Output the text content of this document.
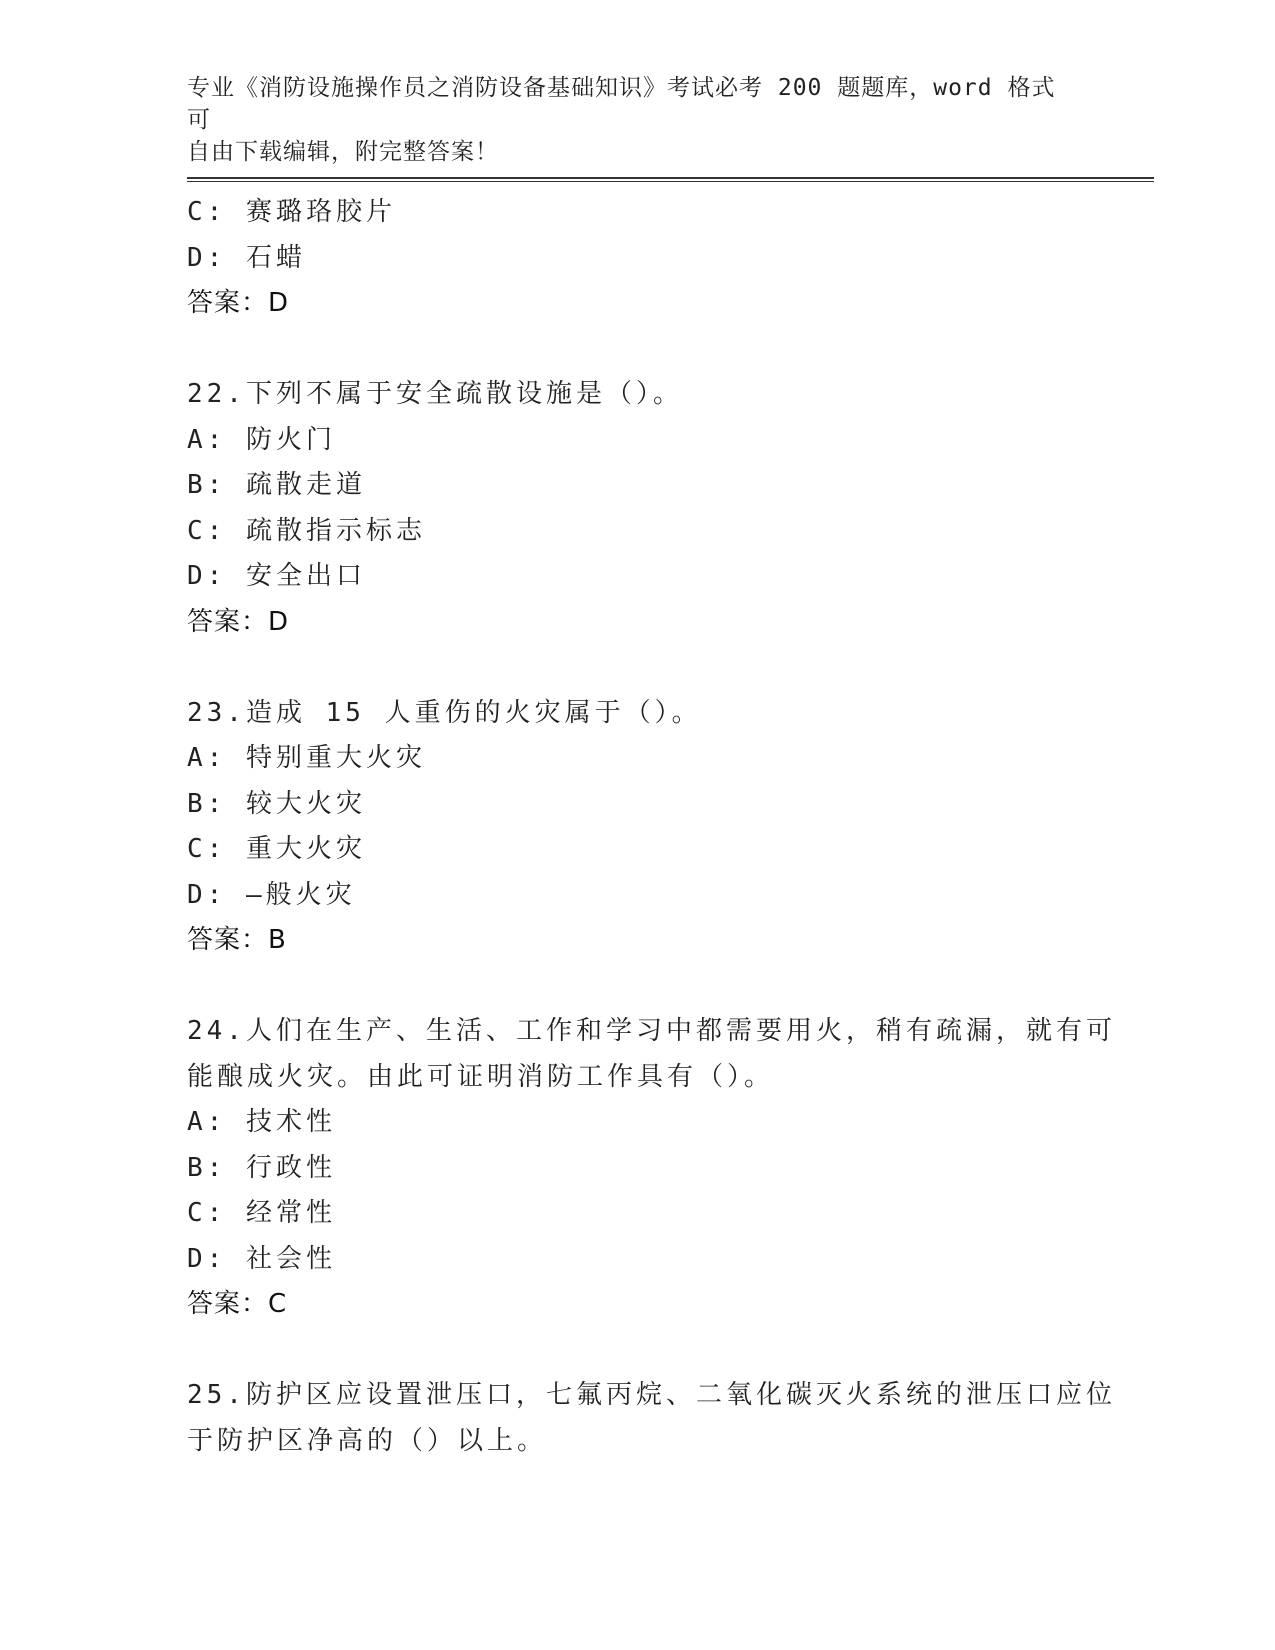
专业《消防设施操作员之消防设备基础知识》考试必考 200 题题库，word 格式可
自由下载编辑，附完整答案！
C: 赛璐珞胶片
D: 石蜡
答案：D
22.下列不属于安全疏散设施是（）。
A: 防火门
B: 疏散走道
C: 疏散指示标志
D: 安全出口
答案：D
23.造成 15 人重伤的火灾属于（）。
A: 特别重大火灾
B: 较大火灾
C: 重大火灾
D: —般火灾
答案：B
24.人们在生产、生活、工作和学习中都需要用火，稍有疏漏，就有可
能酿成火灾。由此可证明消防工作具有（）。
A: 技术性
B: 行政性
C: 经常性
D: 社会性
答案：C
25.防护区应设置泄压口，七氟丙烷、二氧化碳灭火系统的泄压口应位
于防护区净高的（）以上。
